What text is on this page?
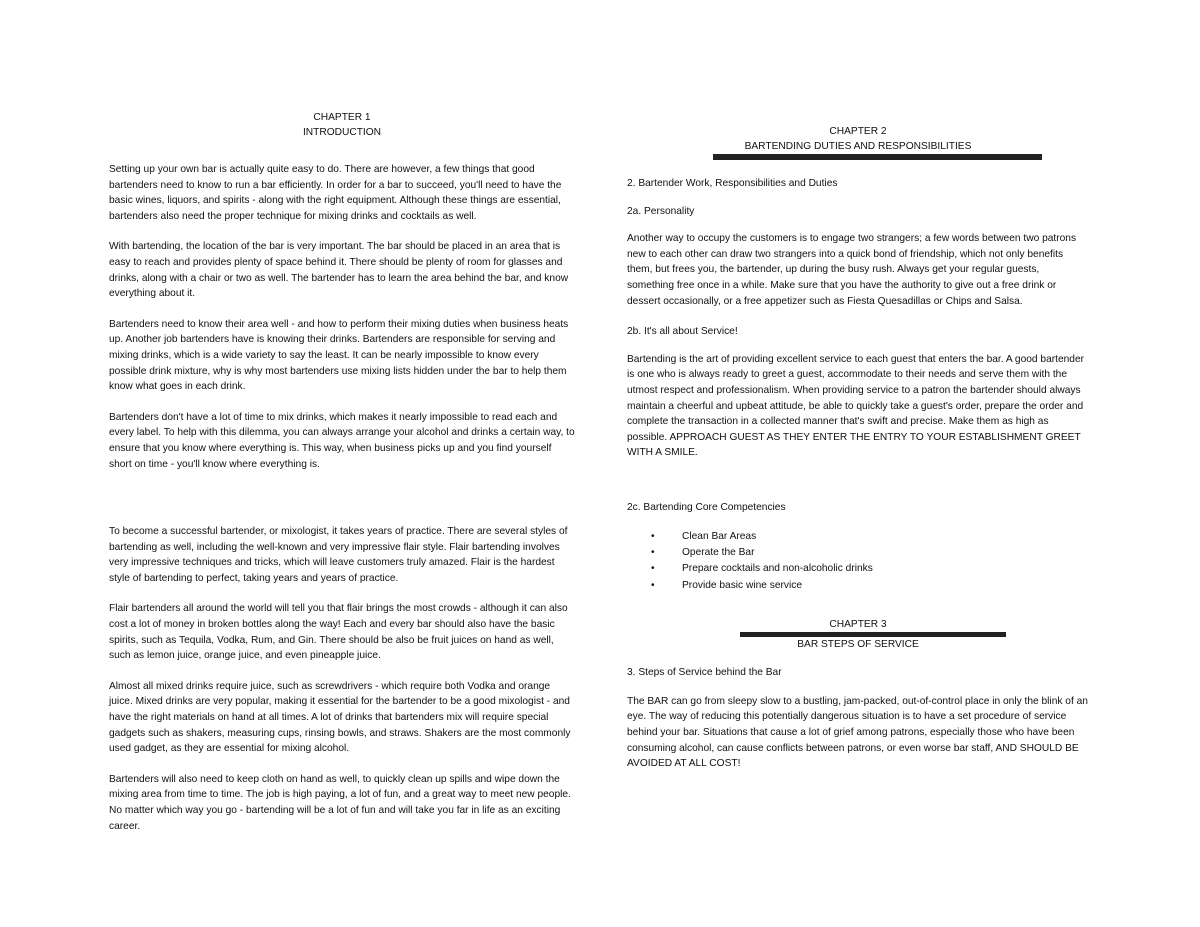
CHAPTER 1

INTRODUCTION

Setting up your own bar is actually quite easy to do. There are however, a few things that good bartenders need to know to run a bar efficiently. In order for a bar to succeed, you'll need to have the basic wines, liquors, and spirits - along with the right equipment. Although these things are essential, bartenders also need the proper technique for mixing drinks and cocktails as well.

With bartending, the location of the bar is very important. The bar should be placed in an area that is easy to reach and provides plenty of space behind it. There should be plenty of room for glasses and drinks, along with a chair or two as well. The bartender has to learn the area behind the bar, and know everything about it.

Bartenders need to know their area well - and how to perform their mixing duties when business heats up. Another job bartenders have is knowing their drinks. Bartenders are responsible for serving and mixing drinks, which is a wide variety to say the least. It can be nearly impossible to know every possible drink mixture, why is why most bartenders use mixing lists hidden under the bar to help them know what goes in each drink.

Bartenders don't have a lot of time to mix drinks, which makes it nearly impossible to read each and every label. To help with this dilemma, you can always arrange your alcohol and drinks a certain way, to ensure that you know where everything is. This way, when business picks up and you find yourself short on time - you'll know where everything is.

To become a successful bartender, or mixologist, it takes years of practice. There are several styles of bartending as well, including the well-known and very impressive flair style. Flair bartending involves very impressive techniques and tricks, which will leave customers truly amazed. Flair is the hardest style of bartending to perfect, taking years and years of practice.

Flair bartenders all around the world will tell you that flair brings the most crowds - although it can also cost a lot of money in broken bottles along the way! Each and every bar should also have the basic spirits, such as Tequila, Vodka, Rum, and Gin. There should be also be fruit juices on hand as well, such as lemon juice, orange juice, and even pineapple juice.

Almost all mixed drinks require juice, such as screwdrivers - which require both Vodka and orange juice. Mixed drinks are very popular, making it essential for the bartender to be a good mixologist - and have the right materials on hand at all times. A lot of drinks that bartenders mix will require special gadgets such as shakers, measuring cups, rinsing bowls, and straws. Shakers are the most commonly used gadget, as they are essential for mixing alcohol.

Bartenders will also need to keep cloth on hand as well, to quickly clean up spills and wipe down the mixing area from time to time. The job is high paying, a lot of fun, and a great way to meet new people. No matter which way you go - bartending will be a lot of fun and will take you far in life as an exciting career.

CHAPTER 2

BARTENDING DUTIES AND RESPONSIBILITIES

2. Bartender Work, Responsibilities and Duties

2a. Personality

Another way to occupy the customers is to engage two strangers; a few words between two patrons new to each other can draw two strangers into a quick bond of friendship, which not only benefits them, but frees you, the bartender, up during the busy rush. Always get your regular guests, something free once in a while. Make sure that you have the authority to give out a free drink or dessert occasionally, or a free appetizer such as Fiesta Quesadillas or Chips and Salsa.

2b. It's all about Service!

Bartending is the art of providing excellent service to each guest that enters the bar. A good bartender is one who is always ready to greet a guest, accommodate to their needs and serve them with the utmost respect and professionalism. When providing service to a patron the bartender should always maintain a cheerful and upbeat attitude, be able to quickly take a guest's order, prepare the order and complete the transaction in a collected manner that's swift and precise. Make them as high as possible. APPROACH GUEST AS THEY ENTER THE ENTRY TO YOUR ESTABLISHMENT GREET WITH A SMILE.

2c. Bartending Core Competencies

•	Clean Bar Areas
•	Operate the Bar
•	Prepare cocktails and non-alcoholic drinks
•	Provide basic wine service

CHAPTER 3

BAR STEPS OF SERVICE

3. Steps of Service behind the Bar

The BAR can go from sleepy slow to a bustling, jam-packed, out-of-control place in only the blink of an eye. The way of reducing this potentially dangerous situation is to have a set procedure of service behind your bar. Situations that cause a lot of grief among patrons, especially those who have been consuming alcohol, can cause conflicts between patrons, or even worse bar staff, AND SHOULD BE AVOIDED AT ALL COST!
